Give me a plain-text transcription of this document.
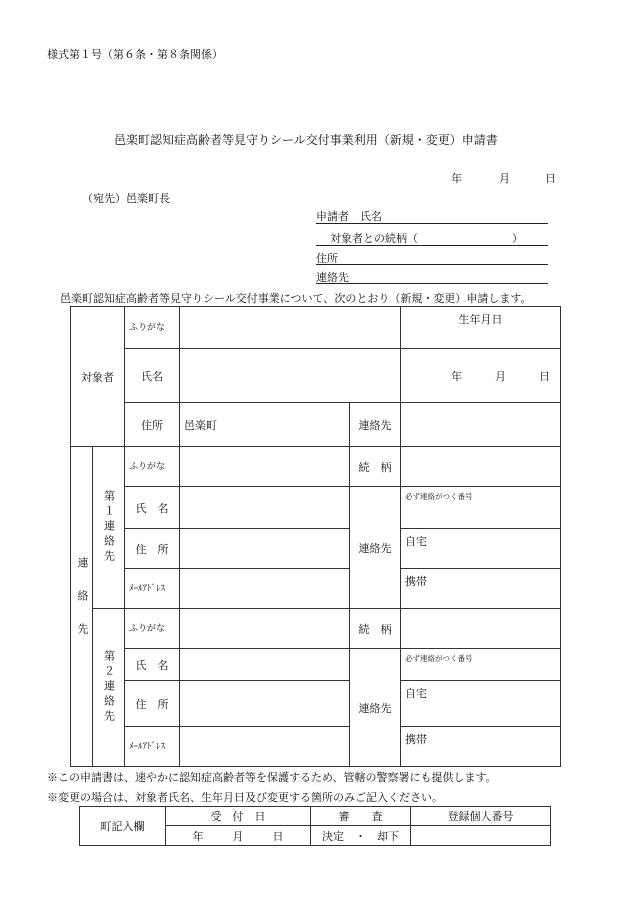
様式第１号（第６条・第８条関係）
邑楽町認知症高齢者等見守りシール交付事業利用（新規・変更）申請書
年	月	日
（宛先）邑楽町長
申請者　氏名
対象者との続柄（	）
住所
連絡先
邑楽町認知症高齢者等見守りシール交付事業について、次のとおり（新規・変更）申請します。
対象者		ふりがな			生年月日
		氏名			年 月 日
		住所	邑楽町	連絡先	

連絡先	第１連絡先	ふりがな		続　柄	
		氏　名		連絡先	必ず連絡がつく番号
		住　所			自宅
		ﾒｰﾙｱﾄﾞﾚｽ			携帯

	第２連絡先	ふりがな		続　柄	
		氏　名		連絡先	必ず連絡がつく番号
		住　所			自宅
		ﾒｰﾙｱﾄﾞﾚｽ			携帯
※この申請書は、速やかに認知症高齢者等を保護するため、管轄の警察署にも提供します。
※変更の場合は、対象者氏名、生年月日及び変更する箇所のみご記入ください。
町記入欄	受　付　日	審　　査	登録個人番号
	年 月 日	決定　・　却下	
